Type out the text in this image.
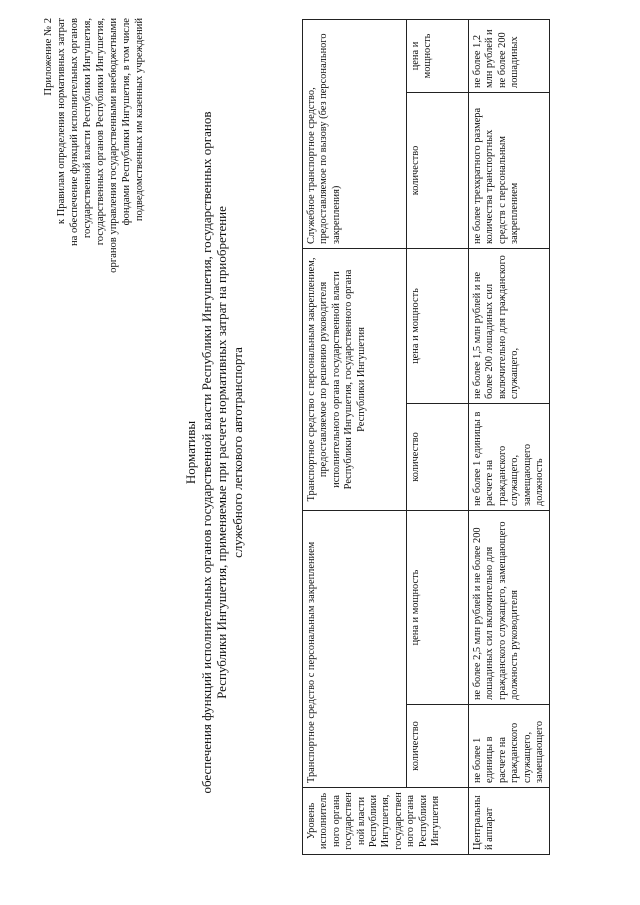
Приложение № 2 к Правилам определения нормативных затрат на обеспечение функций исполнительных органов государственной власти Республики Ингушетия, государственных органов Республики Ингушетия, органов управления государственными внебюджетными фондами Республики Ингушетия, в том числе подведомственных им казенных учреждений
Нормативы обеспечения функций исполнительных органов государственной власти Республики Ингушетия, государственных органов Республики Ингушетия, применяемые при расчете нормативных затрат на приобретение служебного легкового автотранспорта
Уровень исполнительного органа государственной власти Республики Ингушетия, государственного органа Республики Ингушетия	Транспортное средство с персональным закреплением		Транспортное средство с персональным закреплением, предоставляемое по решению руководителя исполнительного органа государственной власти Республики Ингушетия, государственного органа Республики Ингушетия		Служебное транспортное средство, предоставляемое по вызову (без персонального закрепления)	
	количество	цена и мощность	количество	цена и мощность	количество	цена и мощность
Центральный аппарат	не более 1 единицы в расчете на гражданского служащего, замещающего	не более 2,5 млн рублей и не более 200 лошадиных сил включительно для гражданского служащего, замещающего должность руководителя	не более 1 единицы в расчете на гражданского служащего, замещающего должность	не более 1,5 млн рублей и не более 200 лошадиных сил включительно для гражданского служащего,	не более трехкратного размера количества транспортных средств с персональным закреплением	не более 1,2 млн рублей и не более 200 лошадиных
